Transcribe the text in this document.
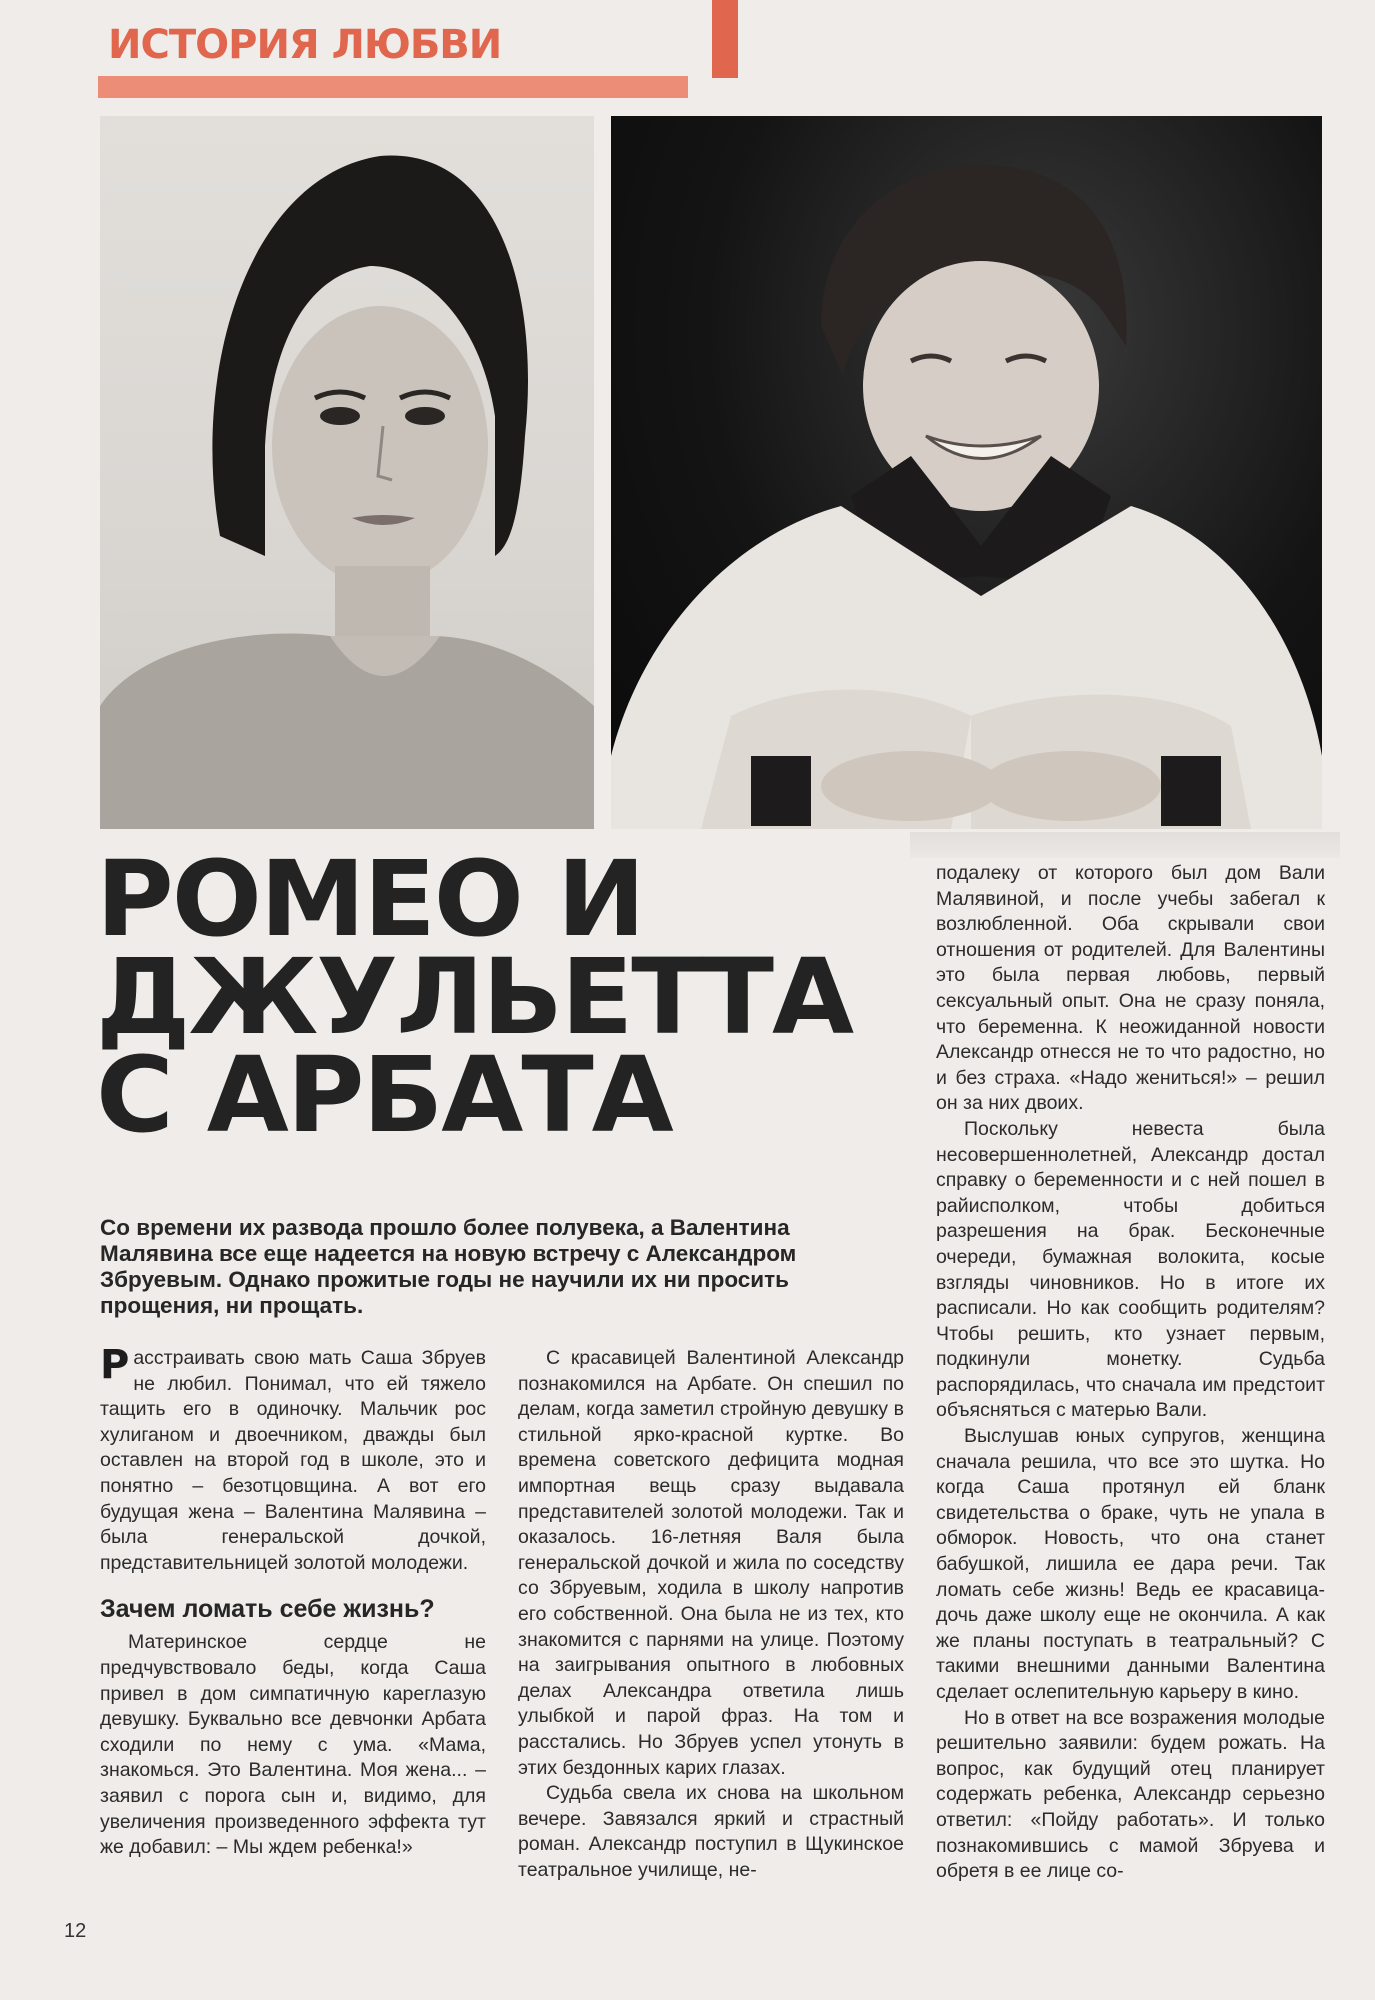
ИСТОРИЯ ЛЮБВИ
РОМЕО И
ДЖУЛЬЕТТА
С АРБАТА
Со времени их развода прошло более полувека, а Валентина Малявина все еще надеется на новую встречу с Александром Збруевым. Однако прожитые годы не научили их ни просить прощения, ни прощать.

Расстраивать свою мать Саша Збруев не любил. Понимал, что ей тяжело тащить его в одиночку. Мальчик рос хулиганом и двоечником, дважды был оставлен на второй год в школе, это и понятно – безотцовщина. А вот его будущая жена – Валентина Малявина – была генеральской дочкой, представительницей золотой молодежи.

Зачем ломать себе жизнь?

Материнское сердце не предчувствовало беды, когда Саша привел в дом симпатичную кареглазую девушку. Буквально все девчонки Арбата сходили по нему с ума. «Мама, знакомься. Это Валентина. Моя жена... – заявил с порога сын и, видимо, для увеличения произведенного эффекта тут же добавил: – Мы ждем ребенка!»

С красавицей Валентиной Александр познакомился на Арбате. Он спешил по делам, когда заметил стройную девушку в стильной ярко-красной куртке. Во времена советского дефицита модная импортная вещь сразу выдавала представителей золотой молодежи. Так и оказалось. 16-летняя Валя была генеральской дочкой и жила по соседству со Збруевым, ходила в школу напротив его собственной. Она была не из тех, кто знакомится с парнями на улице. Поэтому на заигрывания опытного в любовных делах Александра ответила лишь улыбкой и парой фраз. На том и расстались. Но Збруев успел утонуть в этих бездонных карих глазах.

Судьба свела их снова на школьном вечере. Завязался яркий и страстный роман. Александр поступил в Щукинское театральное училище, не-

подалеку от которого был дом Вали Малявиной, и после учебы забегал к возлюбленной. Оба скрывали свои отношения от родителей. Для Валентины это была первая любовь, первый сексуальный опыт. Она не сразу поняла, что беременна. К неожиданной новости Александр отнесся не то что радостно, но и без страха. «Надо жениться!» – решил он за них двоих.

Поскольку невеста была несовершеннолетней, Александр достал справку о беременности и с ней пошел в райисполком, чтобы добиться разрешения на брак. Бесконечные очереди, бумажная волокита, косые взгляды чиновников. Но в итоге их расписали. Но как сообщить родителям? Чтобы решить, кто узнает первым, подкинули монетку. Судьба распорядилась, что сначала им предстоит объясняться с матерью Вали.

Выслушав юных супругов, женщина сначала решила, что все это шутка. Но когда Саша протянул ей бланк свидетельства о браке, чуть не упала в обморок. Новость, что она станет бабушкой, лишила ее дара речи. Так ломать себе жизнь! Ведь ее красавица-дочь даже школу еще не окончила. А как же планы поступать в театральный? С такими внешними данными Валентина сделает ослепительную карьеру в кино.

Но в ответ на все возражения молодые решительно заявили: будем рожать. На вопрос, как будущий отец планирует содержать ребенка, Александр серьезно ответил: «Пойду работать». И только познакомившись с мамой Збруева и обретя в ее лице со-

12
